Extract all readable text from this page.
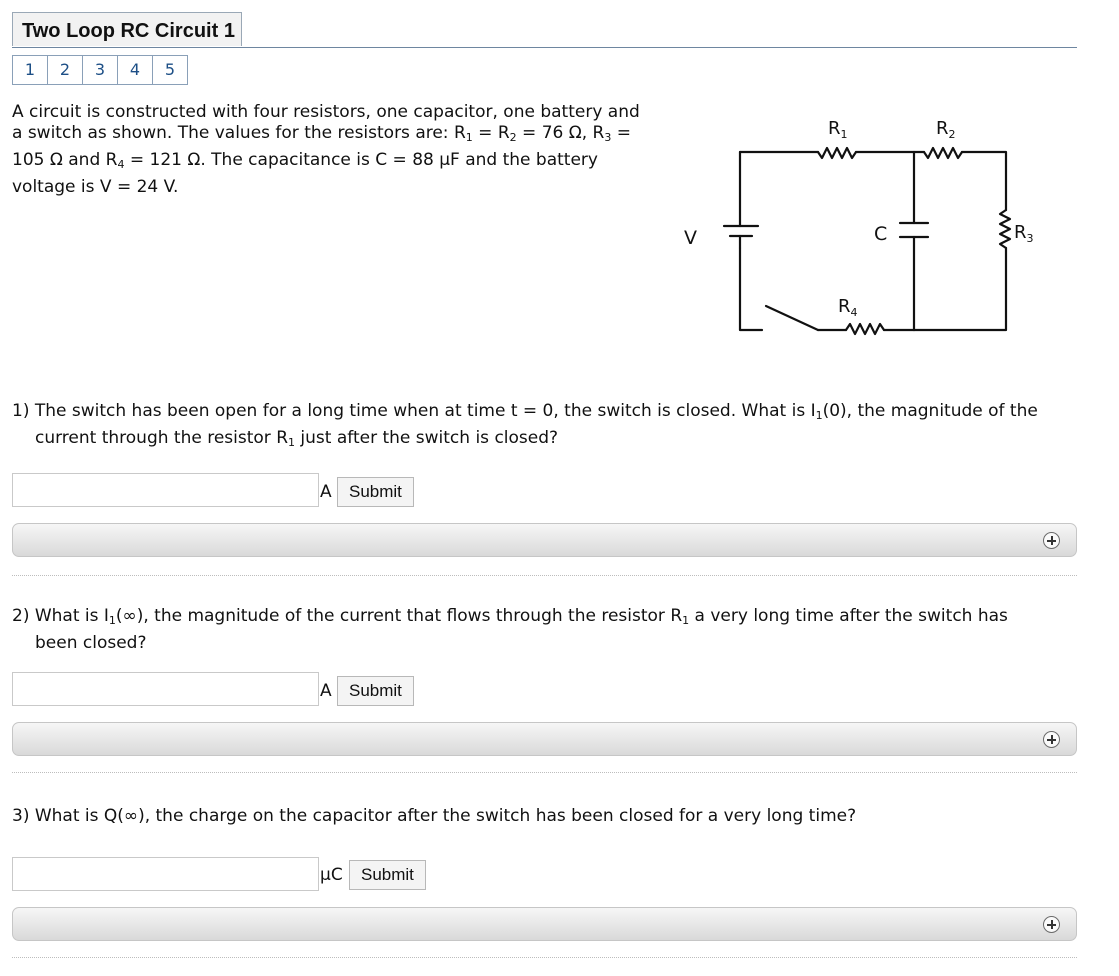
Two Loop RC Circuit 1
1	2	3	4	5
A circuit is constructed with four resistors, one capacitor, one battery and
a switch as shown. The values for the resistors are: $R_1 = R_2 = 76$ Ω, $R_3$ =
105 Ω and $R_4 = 121$ Ω. The capacitance is C = 88 μF and the battery
voltage is V = 24 V.
$R_1$	$R_2$
$R_3$
$R_4$
C
V
1) The switch has been open for a long time when at time t = 0, the switch is closed. What is $I_1(0)$, the magnitude of the
current through the resistor $R_1$ just after the switch is closed?
A	Submit
2) What is $I_1(\infty)$, the magnitude of the current that flows through the resistor $R_1$ a very long time after the switch has
been closed?
A	Submit
3) What is Q(∞), the charge on the capacitor after the switch has been closed for a very long time?
μC	Submit
